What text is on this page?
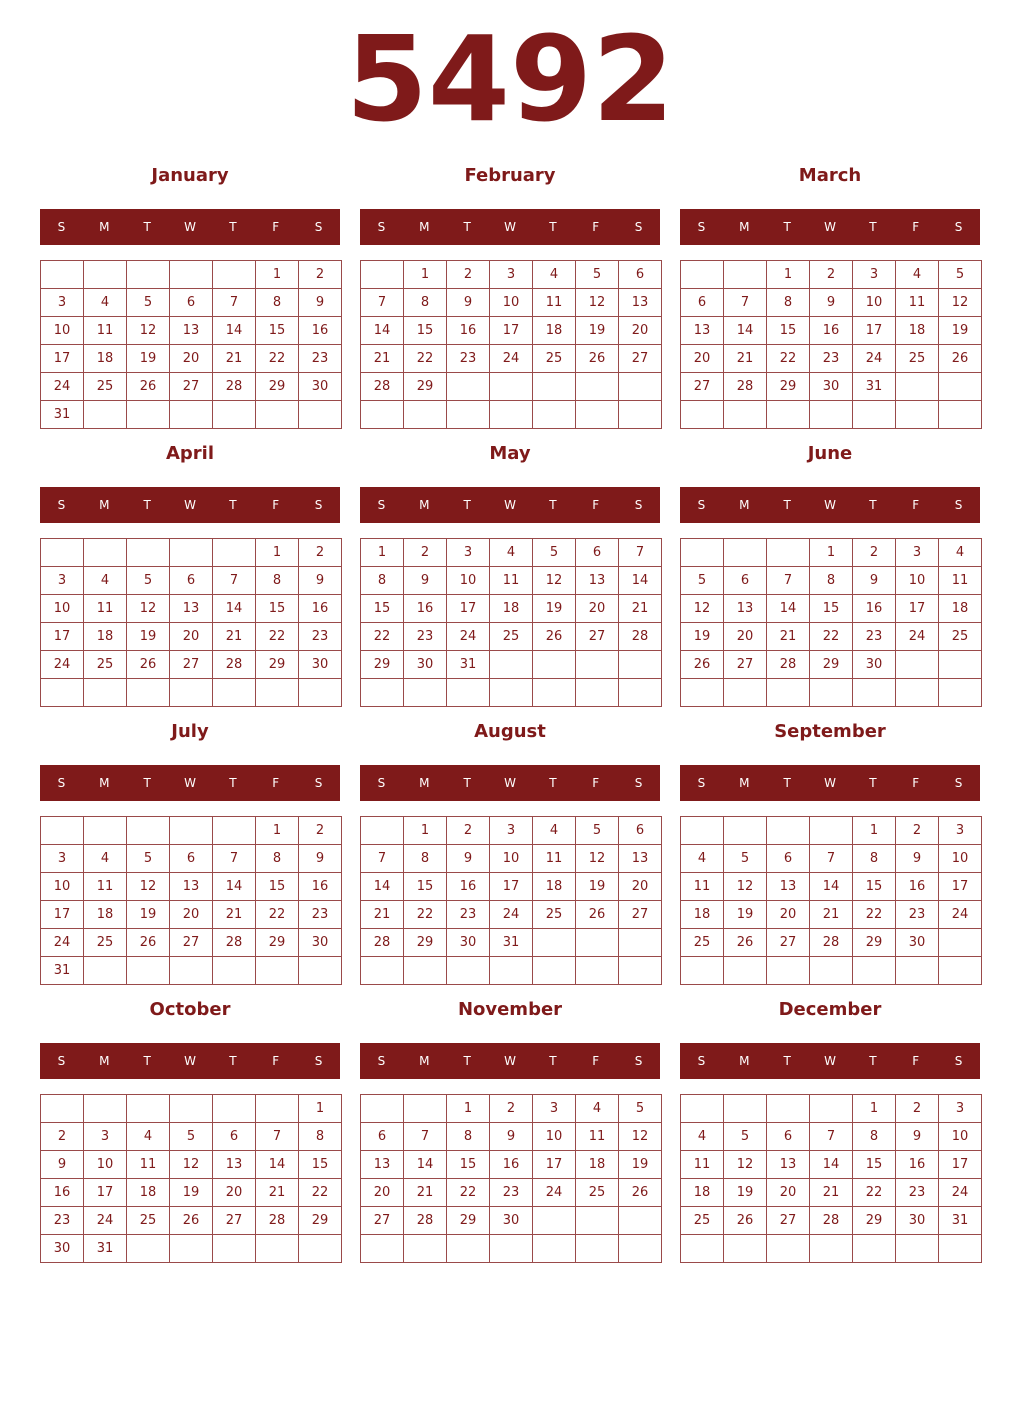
5492
January
S	M	T	W	T	F	S
					1	2
3	4	5	6	7	8	9
10	11	12	13	14	15	16
17	18	19	20	21	22	23
24	25	26	27	28	29	30
31						
February
S	M	T	W	T	F	S
	1	2	3	4	5	6
7	8	9	10	11	12	13
14	15	16	17	18	19	20
21	22	23	24	25	26	27
28	29					

March
S	M	T	W	T	F	S
		1	2	3	4	5
6	7	8	9	10	11	12
13	14	15	16	17	18	19
20	21	22	23	24	25	26
27	28	29	30	31		

April
S	M	T	W	T	F	S
					1	2
3	4	5	6	7	8	9
10	11	12	13	14	15	16
17	18	19	20	21	22	23
24	25	26	27	28	29	30

May
S	M	T	W	T	F	S
1	2	3	4	5	6	7
8	9	10	11	12	13	14
15	16	17	18	19	20	21
22	23	24	25	26	27	28
29	30	31				

June
S	M	T	W	T	F	S
			1	2	3	4
5	6	7	8	9	10	11
12	13	14	15	16	17	18
19	20	21	22	23	24	25
26	27	28	29	30		

July
S	M	T	W	T	F	S
					1	2
3	4	5	6	7	8	9
10	11	12	13	14	15	16
17	18	19	20	21	22	23
24	25	26	27	28	29	30
31						
August
S	M	T	W	T	F	S
	1	2	3	4	5	6
7	8	9	10	11	12	13
14	15	16	17	18	19	20
21	22	23	24	25	26	27
28	29	30	31			

September
S	M	T	W	T	F	S
				1	2	3
4	5	6	7	8	9	10
11	12	13	14	15	16	17
18	19	20	21	22	23	24
25	26	27	28	29	30	

October
S	M	T	W	T	F	S
						1
2	3	4	5	6	7	8
9	10	11	12	13	14	15
16	17	18	19	20	21	22
23	24	25	26	27	28	29
30	31					
November
S	M	T	W	T	F	S
		1	2	3	4	5
6	7	8	9	10	11	12
13	14	15	16	17	18	19
20	21	22	23	24	25	26
27	28	29	30			

December
S	M	T	W	T	F	S
				1	2	3
4	5	6	7	8	9	10
11	12	13	14	15	16	17
18	19	20	21	22	23	24
25	26	27	28	29	30	31
